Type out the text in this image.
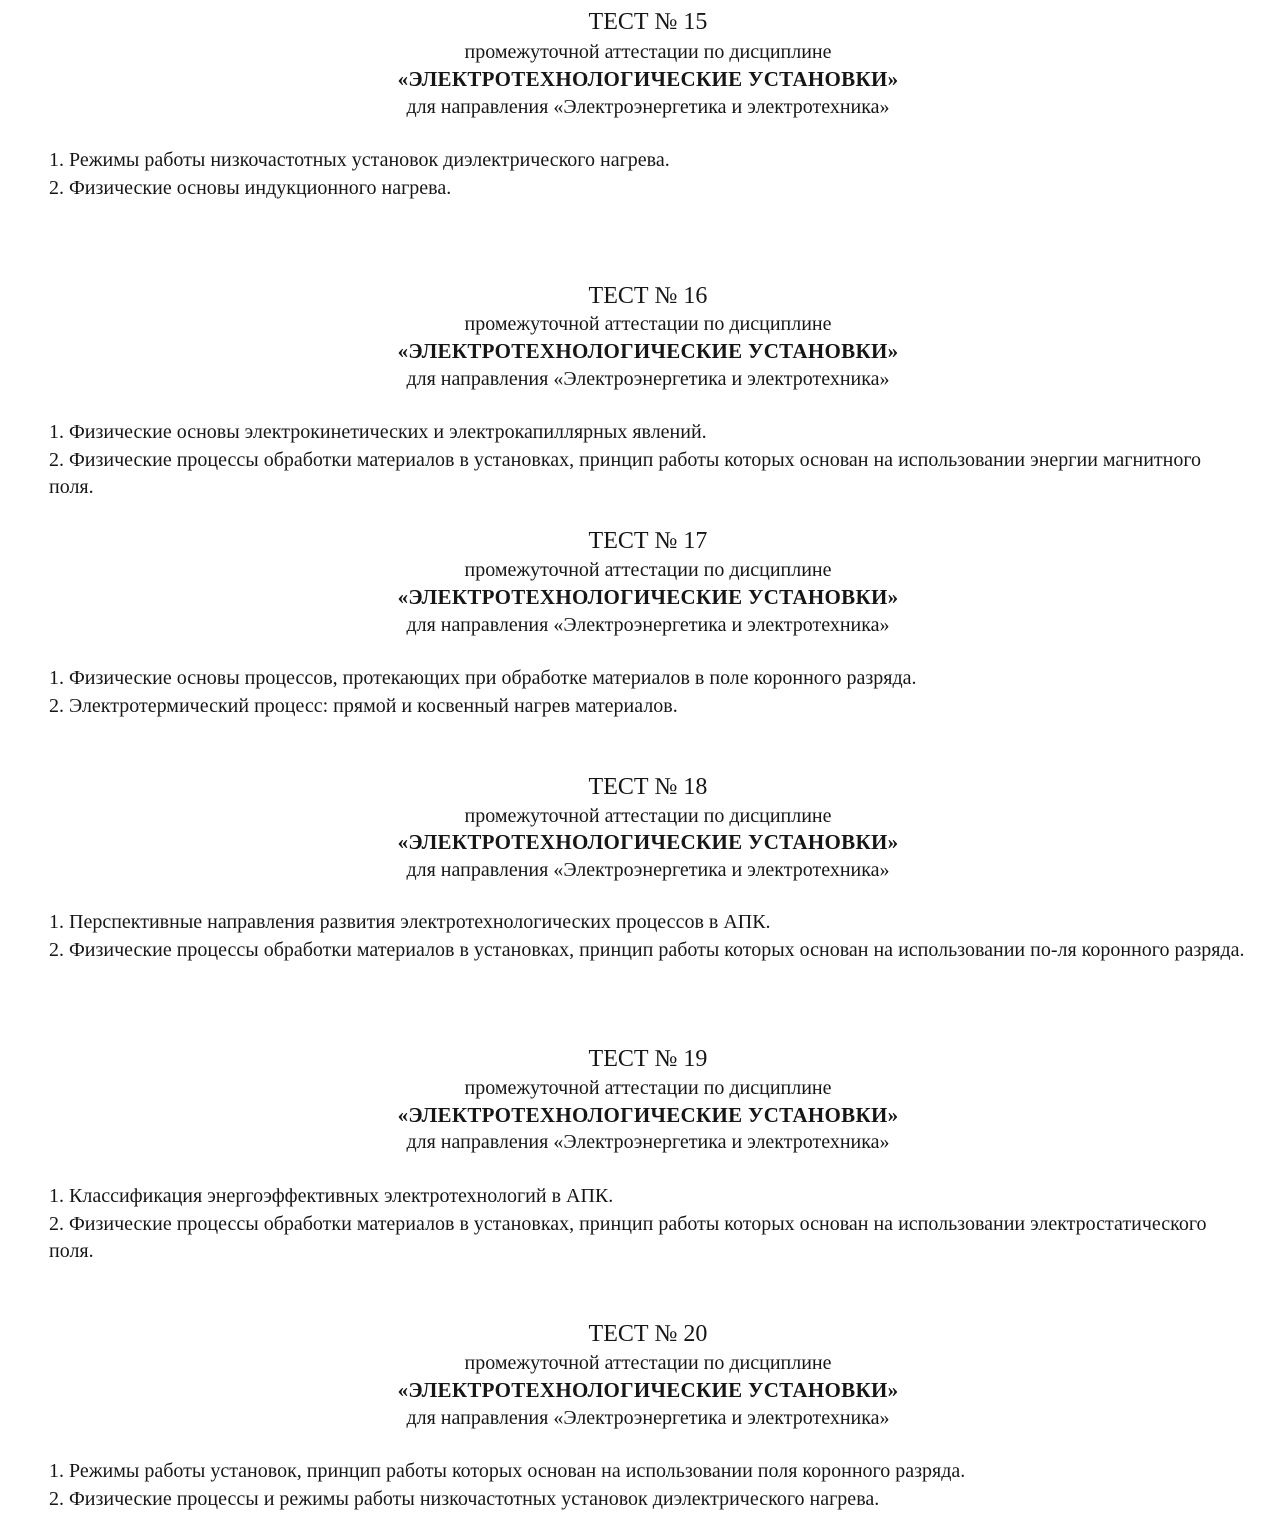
ТЕСТ № 15
промежуточной аттестации по дисциплине
«ЭЛЕКТРОТЕХНОЛОГИЧЕСКИЕ УСТАНОВКИ»
для направления «Электроэнергетика и электротехника»

1. Режимы работы низкочастотных установок диэлектрического нагрева.

2. Физические основы индукционного нагрева.

ТЕСТ № 16
промежуточной аттестации по дисциплине
«ЭЛЕКТРОТЕХНОЛОГИЧЕСКИЕ УСТАНОВКИ»
для направления «Электроэнергетика и электротехника»

1. Физические основы электрокинетических и электрокапиллярных явлений.

2. Физические процессы обработки материалов в установках, принцип работы которых основан на использовании энергии магнитного поля.

ТЕСТ № 17
промежуточной аттестации по дисциплине
«ЭЛЕКТРОТЕХНОЛОГИЧЕСКИЕ УСТАНОВКИ»
для направления «Электроэнергетика и электротехника»

1. Физические основы процессов, протекающих при обработке материалов в поле коронного разряда.

2. Электротермический процесс: прямой и косвенный нагрев материалов.

ТЕСТ № 18
промежуточной аттестации по дисциплине
«ЭЛЕКТРОТЕХНОЛОГИЧЕСКИЕ УСТАНОВКИ»
для направления «Электроэнергетика и электротехника»

1. Перспективные направления развития электротехнологических процессов в АПК.

2. Физические процессы обработки материалов в установках, принцип работы которых основан на использовании по-ля коронного разряда.

ТЕСТ № 19
промежуточной аттестации по дисциплине
«ЭЛЕКТРОТЕХНОЛОГИЧЕСКИЕ УСТАНОВКИ»
для направления «Электроэнергетика и электротехника»

1. Классификация энергоэффективных электротехнологий в АПК.

2. Физические процессы обработки материалов в установках, принцип работы которых основан на использовании электростатического поля.

ТЕСТ № 20
промежуточной аттестации по дисциплине
«ЭЛЕКТРОТЕХНОЛОГИЧЕСКИЕ УСТАНОВКИ»
для направления «Электроэнергетика и электротехника»

1. Режимы работы установок, принцип работы которых основан на использовании поля коронного разряда.

2. Физические процессы и режимы работы низкочастотных установок диэлектрического нагрева.
